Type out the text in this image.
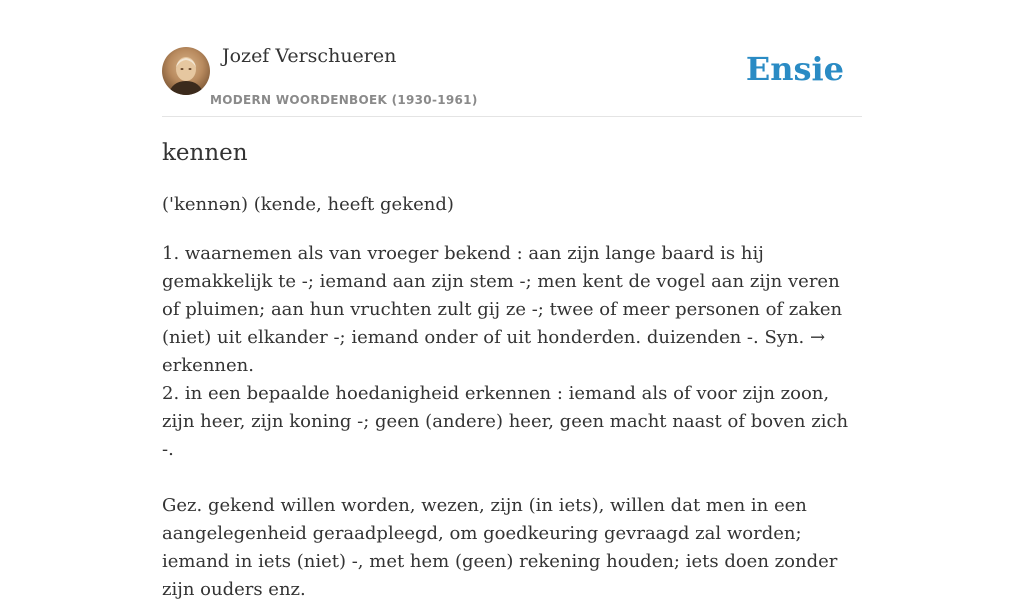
Jozef Verschueren
MODERN WOORDENBOEK (1930-1961)
Ensie
kennen
('kennən) (kende, heeft gekend)

1. waarnemen als van vroeger bekend : aan zijn lange baard is hij gemakkelijk te -; iemand aan zijn stem -; men kent de vogel aan zijn veren of pluimen; aan hun vruchten zult gij ze -; twee of meer personen of zaken (niet) uit elkander -; iemand onder of uit honderden. duizenden -. Syn. → erkennen.

2. in een bepaalde hoedanigheid erkennen : iemand als of voor zijn zoon, zijn heer, zijn koning -; geen (andere) heer, geen macht naast of boven zich -.

Gez. gekend willen worden, wezen, zijn (in iets), willen dat men in een aangelegenheid geraadpleegd, om goedkeuring gevraagd zal worden; iemand in iets (niet) -, met hem (geen) rekening houden; iets doen zonder zijn ouders enz.
